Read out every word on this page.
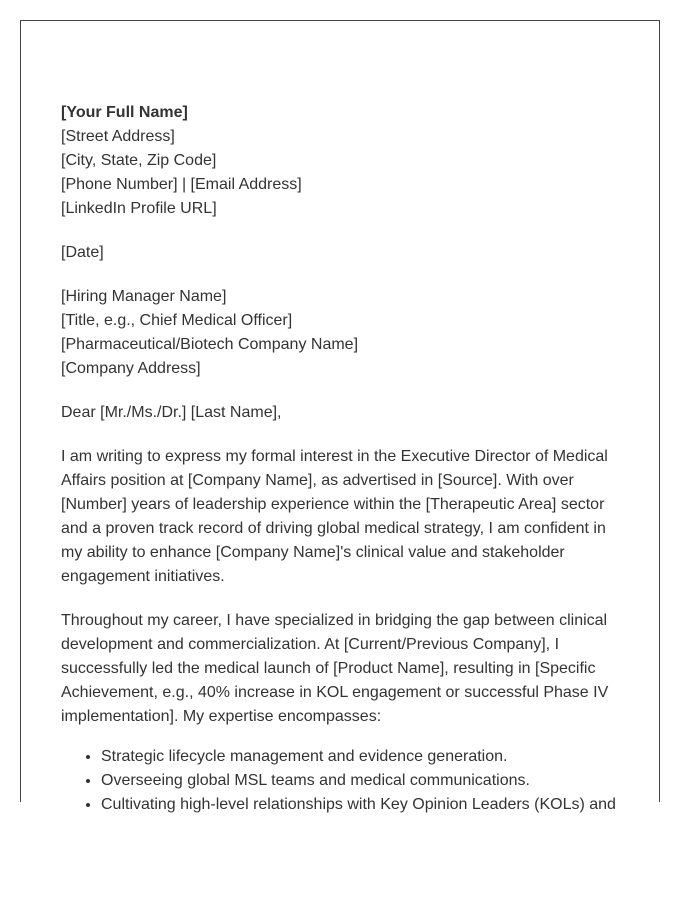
[Your Full Name]
[Street Address]
[City, State, Zip Code]
[Phone Number] | [Email Address]
[LinkedIn Profile URL]
[Date]
[Hiring Manager Name]
[Title, e.g., Chief Medical Officer]
[Pharmaceutical/Biotech Company Name]
[Company Address]
Dear [Mr./Ms./Dr.] [Last Name],
I am writing to express my formal interest in the Executive Director of Medical Affairs position at [Company Name], as advertised in [Source]. With over [Number] years of leadership experience within the [Therapeutic Area] sector and a proven track record of driving global medical strategy, I am confident in my ability to enhance [Company Name]'s clinical value and stakeholder engagement initiatives.
Throughout my career, I have specialized in bridging the gap between clinical development and commercialization. At [Current/Previous Company], I successfully led the medical launch of [Product Name], resulting in [Specific Achievement, e.g., 40% increase in KOL engagement or successful Phase IV implementation]. My expertise encompasses:
• Strategic lifecycle management and evidence generation.
• Overseeing global MSL teams and medical communications.
• Cultivating high-level relationships with Key Opinion Leaders (KOLs) and
